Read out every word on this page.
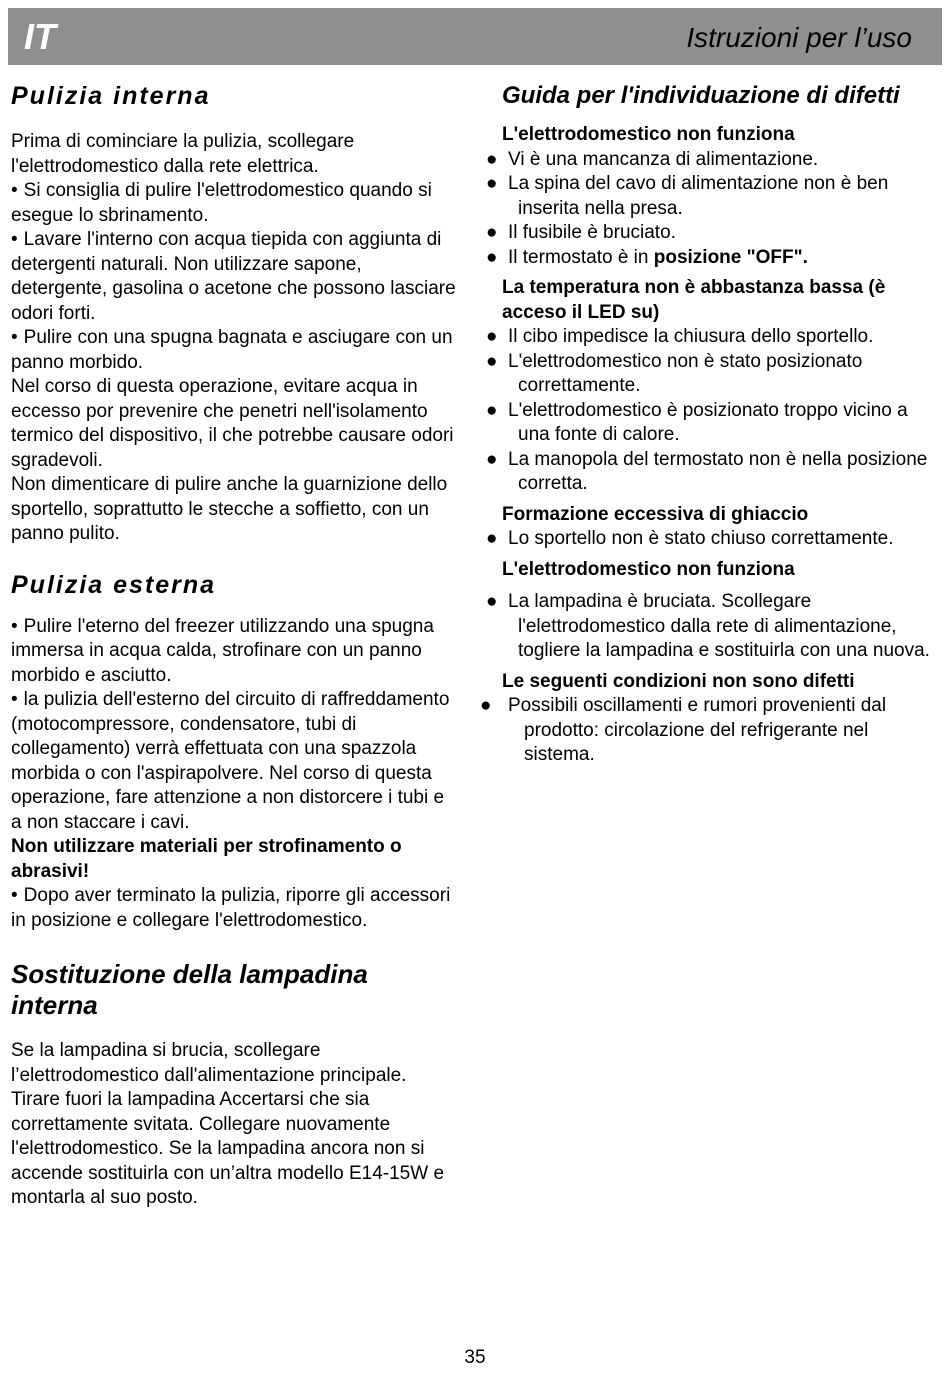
IT	Istruzioni per l’uso
Pulizia interna

Prima di cominciare la pulizia, scollegare l'elettrodomestico dalla rete elettrica.

• Si consiglia di pulire l'elettrodomestico quando si esegue lo sbrinamento.

• Lavare l'interno con acqua tiepida con aggiunta di detergenti naturali. Non utilizzare sapone, detergente, gasolina o acetone che possono lasciare odori forti.

• Pulire con una spugna bagnata e asciugare con un panno morbido.

Nel corso di questa operazione, evitare acqua in eccesso por prevenire che penetri nell'isolamento termico del dispositivo, il che potrebbe causare odori sgradevoli.

Non dimenticare di pulire anche la guarnizione dello sportello, soprattutto le stecche a soffietto, con un panno pulito.

Pulizia esterna

• Pulire l'eterno del freezer utilizzando una spugna immersa in acqua calda, strofinare con un panno morbido e asciutto.

• la pulizia dell'esterno del circuito di raffreddamento (motocompressore, condensatore, tubi di collegamento) verrà effettuata con una spazzola morbida o con l'aspirapolvere. Nel corso di questa operazione, fare attenzione a non distorcere i tubi e a non staccare i cavi.

Non utilizzare materiali per strofinamento o abrasivi!

• Dopo aver terminato la pulizia, riporre gli accessori in posizione e collegare l'elettrodomestico.

Sostituzione della lampadina interna

Se la lampadina si brucia, scollegare l’elettrodomestico dall'alimentazione principale. Tirare fuori la lampadina Accertarsi che sia correttamente svitata. Collegare nuovamente l'elettrodomestico. Se la lampadina ancora non si accende sostituirla con un’altra modello E14-15W e montarla al suo posto.

Guida per l'individuazione di difetti

L'elettrodomestico non funziona

● Vi è una mancanza di alimentazione.

● La spina del cavo di alimentazione non è ben inserita nella presa.

● Il fusibile è bruciato.

● Il termostato è in posizione "OFF".

La temperatura non è abbastanza bassa (è acceso il LED su)

● Il cibo impedisce la chiusura dello sportello.

● L'elettrodomestico non è stato posizionato correttamente.

● L'elettrodomestico è posizionato troppo vicino a una fonte di calore.

● La manopola del termostato non è nella posizione corretta.

Formazione eccessiva di ghiaccio

● Lo sportello non è stato chiuso correttamente.

L'elettrodomestico non funziona

● La lampadina è bruciata. Scollegare l'elettrodomestico dalla rete di alimentazione, togliere la lampadina e sostituirla con una nuova.

Le seguenti condizioni non sono difetti

● Possibili oscillamenti e rumori provenienti dal prodotto: circolazione del refrigerante nel sistema.

35
